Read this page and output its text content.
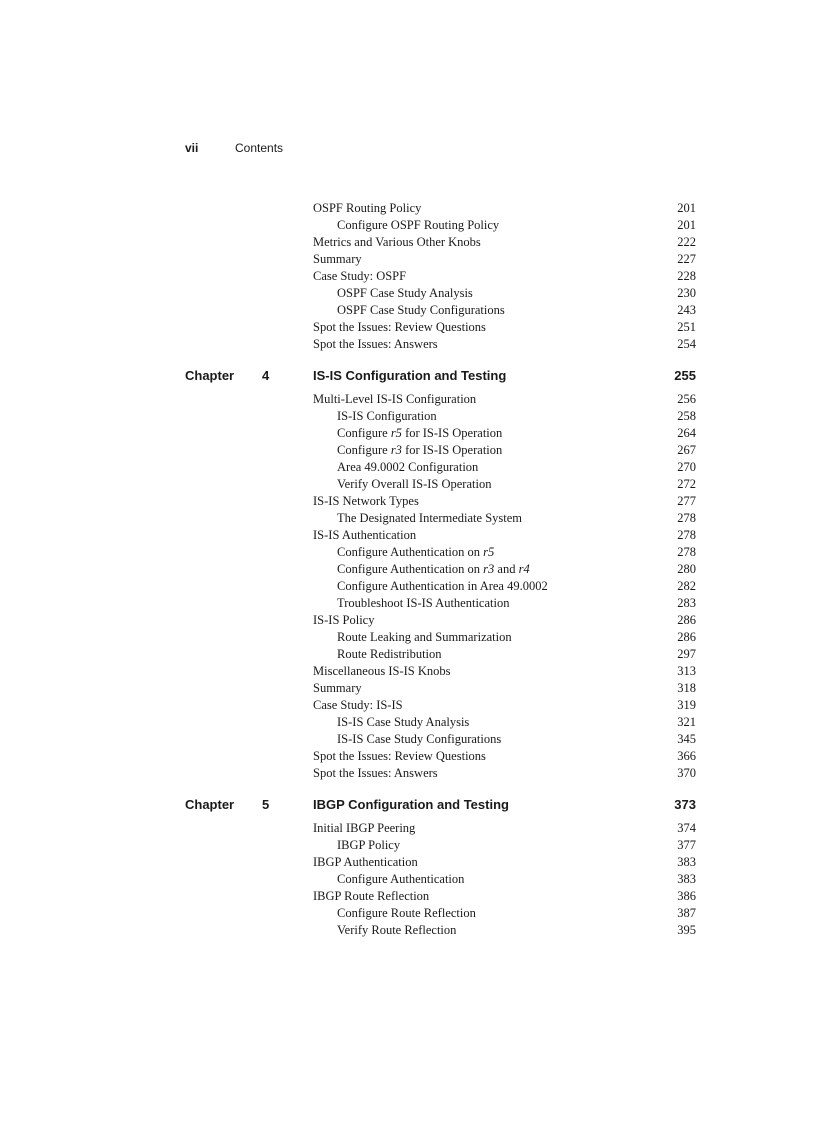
vii	Contents
OSPF Routing Policy	201
Configure OSPF Routing Policy	201
Metrics and Various Other Knobs	222
Summary	227
Case Study: OSPF	228
OSPF Case Study Analysis	230
OSPF Case Study Configurations	243
Spot the Issues: Review Questions	251
Spot the Issues: Answers	254
Chapter 4	IS-IS Configuration and Testing	255
Multi-Level IS-IS Configuration	256
IS-IS Configuration	258
Configure r5 for IS-IS Operation	264
Configure r3 for IS-IS Operation	267
Area 49.0002 Configuration	270
Verify Overall IS-IS Operation	272
IS-IS Network Types	277
The Designated Intermediate System	278
IS-IS Authentication	278
Configure Authentication on r5	278
Configure Authentication on r3 and r4	280
Configure Authentication in Area 49.0002	282
Troubleshoot IS-IS Authentication	283
IS-IS Policy	286
Route Leaking and Summarization	286
Route Redistribution	297
Miscellaneous IS-IS Knobs	313
Summary	318
Case Study: IS-IS	319
IS-IS Case Study Analysis	321
IS-IS Case Study Configurations	345
Spot the Issues: Review Questions	366
Spot the Issues: Answers	370
Chapter 5	IBGP Configuration and Testing	373
Initial IBGP Peering	374
IBGP Policy	377
IBGP Authentication	383
Configure Authentication	383
IBGP Route Reflection	386
Configure Route Reflection	387
Verify Route Reflection	395
